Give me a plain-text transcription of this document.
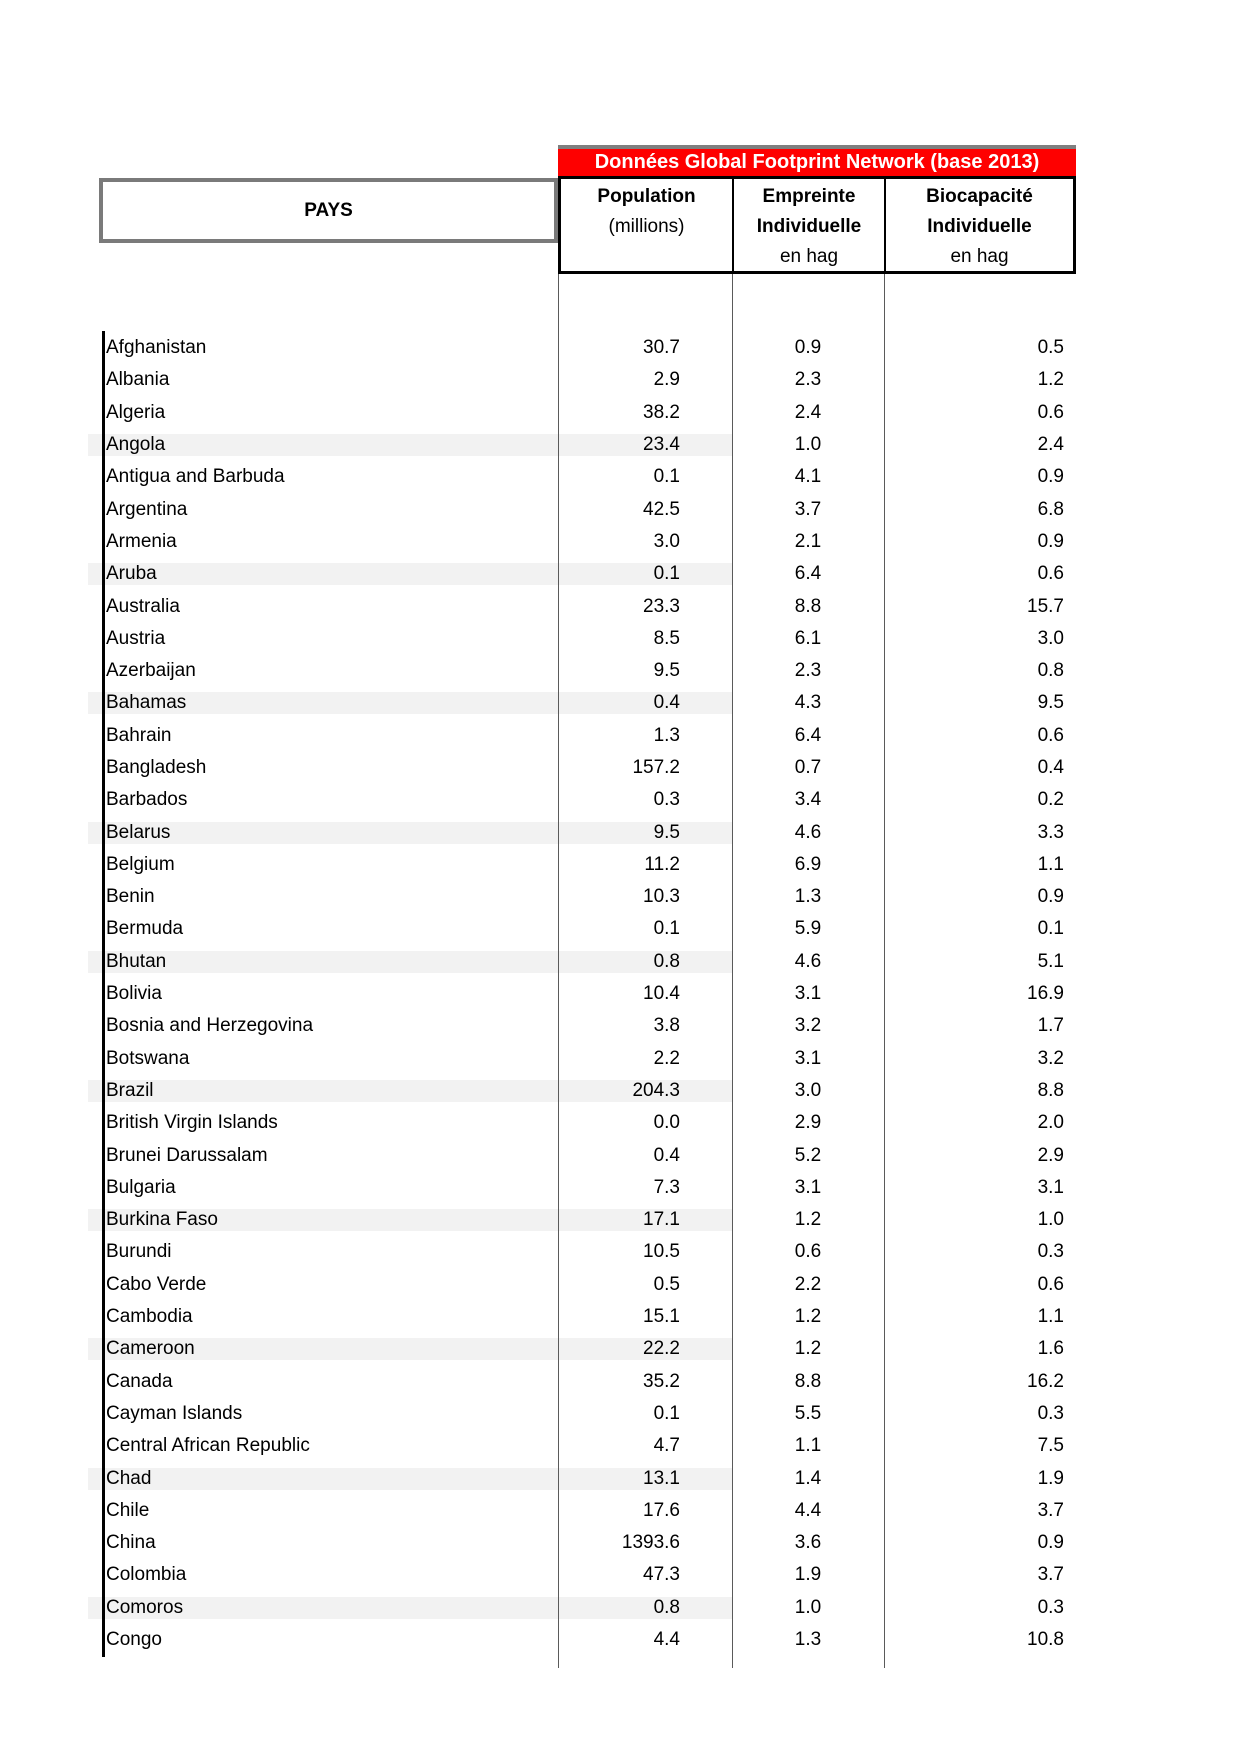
Données Global Footprint Network (base 2013)
PAYS
Population
(millions)
Empreinte
Individuelle
en hag
Biocapacité
Individuelle
en hag
Afghanistan	30.7	0.9	0.5
Albania	2.9	2.3	1.2
Algeria	38.2	2.4	0.6
Angola	23.4	1.0	2.4
Antigua and Barbuda	0.1	4.1	0.9
Argentina	42.5	3.7	6.8
Armenia	3.0	2.1	0.9
Aruba	0.1	6.4	0.6
Australia	23.3	8.8	15.7
Austria	8.5	6.1	3.0
Azerbaijan	9.5	2.3	0.8
Bahamas	0.4	4.3	9.5
Bahrain	1.3	6.4	0.6
Bangladesh	157.2	0.7	0.4
Barbados	0.3	3.4	0.2
Belarus	9.5	4.6	3.3
Belgium	11.2	6.9	1.1
Benin	10.3	1.3	0.9
Bermuda	0.1	5.9	0.1
Bhutan	0.8	4.6	5.1
Bolivia	10.4	3.1	16.9
Bosnia and Herzegovina	3.8	3.2	1.7
Botswana	2.2	3.1	3.2
Brazil	204.3	3.0	8.8
British Virgin Islands	0.0	2.9	2.0
Brunei Darussalam	0.4	5.2	2.9
Bulgaria	7.3	3.1	3.1
Burkina Faso	17.1	1.2	1.0
Burundi	10.5	0.6	0.3
Cabo Verde	0.5	2.2	0.6
Cambodia	15.1	1.2	1.1
Cameroon	22.2	1.2	1.6
Canada	35.2	8.8	16.2
Cayman Islands	0.1	5.5	0.3
Central African Republic	4.7	1.1	7.5
Chad	13.1	1.4	1.9
Chile	17.6	4.4	3.7
China	1393.6	3.6	0.9
Colombia	47.3	1.9	3.7
Comoros	0.8	1.0	0.3
Congo	4.4	1.3	10.8
